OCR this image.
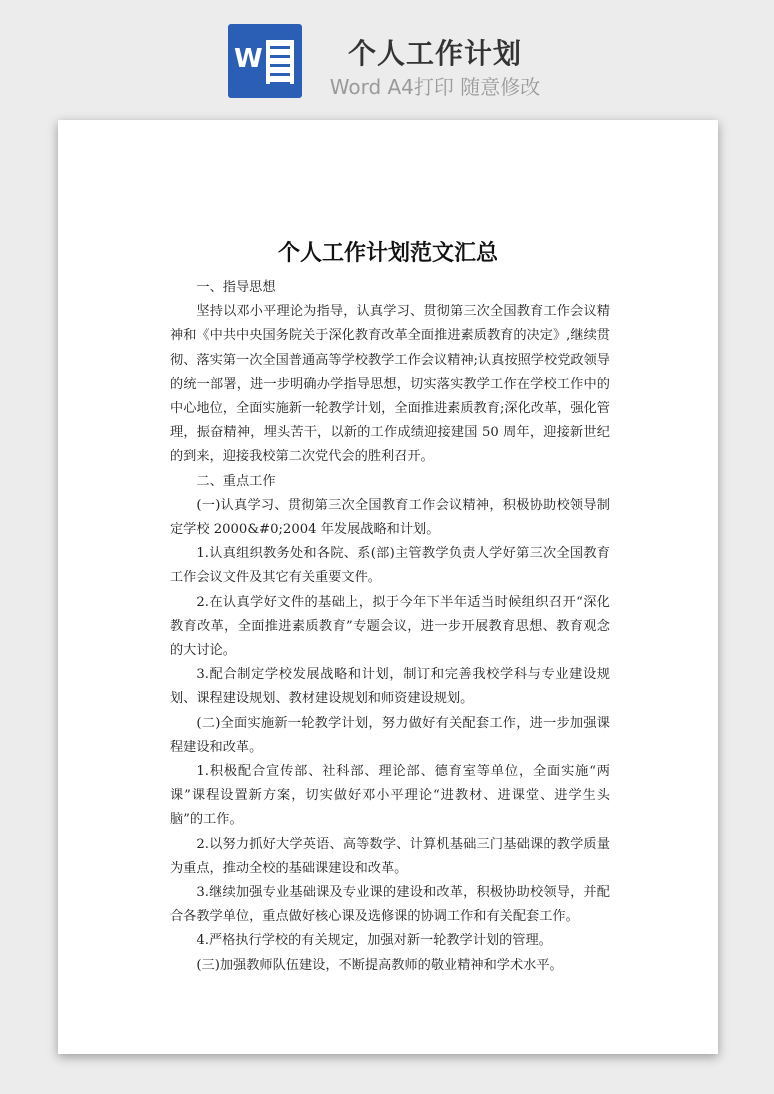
W	个人工作计划
Word A4打印 随意修改
个人工作计划范文汇总

一、指导思想

坚持以邓小平理论为指导，认真学习、贯彻第三次全国教育工作会议精神和《中共中央国务院关于深化教育改革全面推进素质教育的决定》,继续贯彻、落实第一次全国普通高等学校教学工作会议精神;认真按照学校党政领导的统一部署，进一步明确办学指导思想，切实落实教学工作在学校工作中的中心地位，全面实施新一轮教学计划，全面推进素质教育;深化改革，强化管理，振奋精神，埋头苦干，以新的工作成绩迎接建国 50 周年，迎接新世纪的到来，迎接我校第二次党代会的胜利召开。

二、重点工作

(一)认真学习、贯彻第三次全国教育工作会议精神，积极协助校领导制定学校 2000&#0;2004 年发展战略和计划。

1.认真组织教务处和各院、系(部)主管教学负责人学好第三次全国教育工作会议文件及其它有关重要文件。

2.在认真学好文件的基础上，拟于今年下半年适当时候组织召开“深化教育改革，全面推进素质教育”专题会议，进一步开展教育思想、教育观念的大讨论。

3.配合制定学校发展战略和计划，制订和完善我校学科与专业建设规划、课程建设规划、教材建设规划和师资建设规划。

(二)全面实施新一轮教学计划，努力做好有关配套工作，进一步加强课程建设和改革。

1.积极配合宣传部、社科部、理论部、德育室等单位，全面实施“两课”课程设置新方案，切实做好邓小平理论“进教材、进课堂、进学生头脑”的工作。

2.以努力抓好大学英语、高等数学、计算机基础三门基础课的教学质量为重点，推动全校的基础课建设和改革。

3.继续加强专业基础课及专业课的建设和改革，积极协助校领导，并配合各教学单位，重点做好核心课及选修课的协调工作和有关配套工作。

4.严格执行学校的有关规定，加强对新一轮教学计划的管理。

(三)加强教师队伍建设，不断提高教师的敬业精神和学术水平。
